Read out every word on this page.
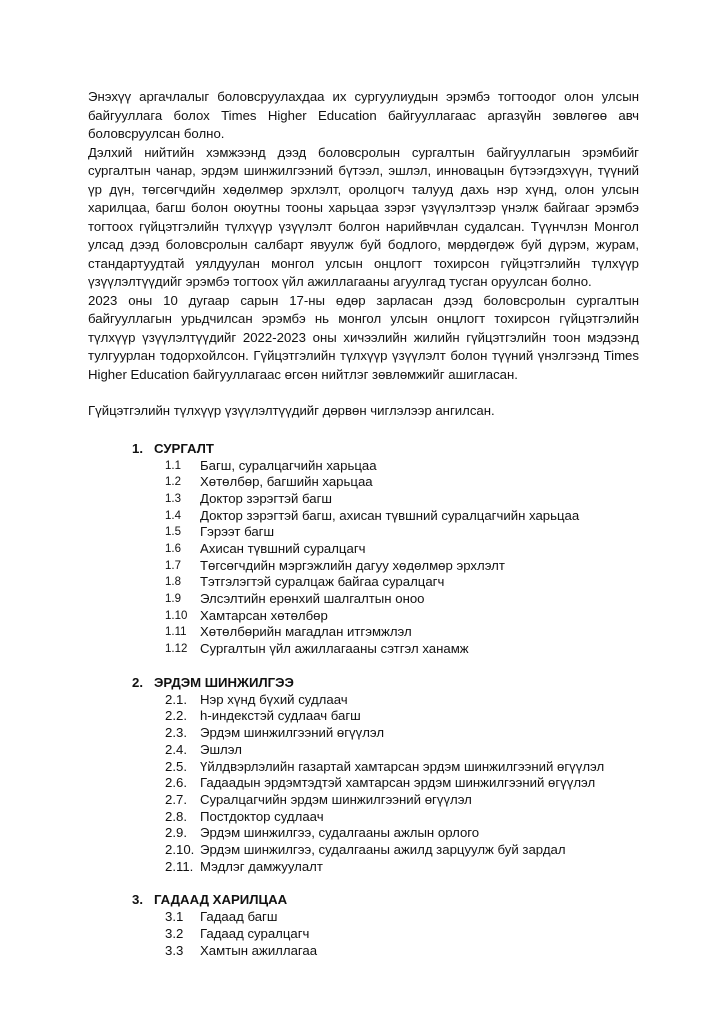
Энэхүү аргачлалыг боловсруулахдаа их сургуулиудын эрэмбэ тогтоодог олон улсын байгууллага болох Times Higher Education байгууллагаас аргазүйн зөвлөгөө авч боловсруулсан болно.

Дэлхий нийтийн хэмжээнд дээд боловсролын сургалтын байгууллагын эрэмбийг сургалтын чанар, эрдэм шинжилгээний бүтээл, эшлэл, инновацын бүтээгдэхүүн, түүний үр дүн, төгсөгчдийн хөдөлмөр эрхлэлт, оролцогч талууд дахь нэр хүнд, олон улсын харилцаа, багш болон оюутны тооны харьцаа зэрэг үзүүлэлтээр үнэлж байгааг эрэмбэ тогтоох гүйцэтгэлийн түлхүүр үзүүлэлт болгон нарийвчлан судалсан. Түүнчлэн Монгол улсад дээд боловсролын салбарт явуулж буй бодлого, мөрдөгдөж буй дүрэм, журам, стандартуудтай уялдуулан монгол улсын онцлогт тохирсон гүйцэтгэлийн түлхүүр үзүүлэлтүүдийг эрэмбэ тогтоох үйл ажиллагааны агуулгад тусган оруулсан болно.

2023 оны 10 дугаар сарын 17-ны өдөр зарласан дээд боловсролын сургалтын байгууллагын урьдчилсан эрэмбэ нь монгол улсын онцлогт тохирсон гүйцэтгэлийн түлхүүр үзүүлэлтүүдийг 2022-2023 оны хичээлийн жилийн гүйцэтгэлийн тоон мэдээнд тулгуурлан тодорхойлсон. Гүйцэтгэлийн түлхүүр үзүүлэлт болон түүний үнэлгээнд Times Higher Education байгууллагаас өгсөн нийтлэг зөвлөмжийг ашигласан.

Гүйцэтгэлийн түлхүүр үзүүлэлтүүдийг дөрвөн чиглэлээр ангилсан.

1. СУРГАЛТ
1.1 Багш, суралцагчийн харьцаа
1.2 Хөтөлбөр, багшийн харьцаа
1.3 Доктор зэрэгтэй багш
1.4 Доктор зэрэгтэй багш, ахисан түвшний суралцагчийн харьцаа
1.5 Гэрээт багш
1.6 Ахисан түвшний суралцагч
1.7 Төгсөгчдийн мэргэжлийн дагуу хөдөлмөр эрхлэлт
1.8 Тэтгэлэгтэй суралцаж байгаа суралцагч
1.9 Элсэлтийн ерөнхий шалгалтын оноо
1.10 Хамтарсан хөтөлбөр
1.11 Хөтөлбөрийн магадлан итгэмжлэл
1.12 Сургалтын үйл ажиллагааны сэтгэл ханамж
2. ЭРДЭМ ШИНЖИЛГЭЭ
2.1. Нэр хүнд бүхий судлаач
2.2. h-индекстэй судлаач багш
2.3. Эрдэм шинжилгээний өгүүлэл
2.4. Эшлэл
2.5. Үйлдвэрлэлийн газартай хамтарсан эрдэм шинжилгээний өгүүлэл
2.6. Гадаадын эрдэмтэдтэй хамтарсан эрдэм шинжилгээний өгүүлэл
2.7. Суралцагчийн эрдэм шинжилгээний өгүүлэл
2.8. Постдоктор судлаач
2.9. Эрдэм шинжилгээ, судалгааны ажлын орлого
2.10. Эрдэм шинжилгээ, судалгааны ажилд зарцуулж буй зардал
2.11. Мэдлэг дамжуулалт
3. ГАДААД ХАРИЛЦАА
3.1 Гадаад багш
3.2 Гадаад суралцагч
3.3 Хамтын ажиллагаа
